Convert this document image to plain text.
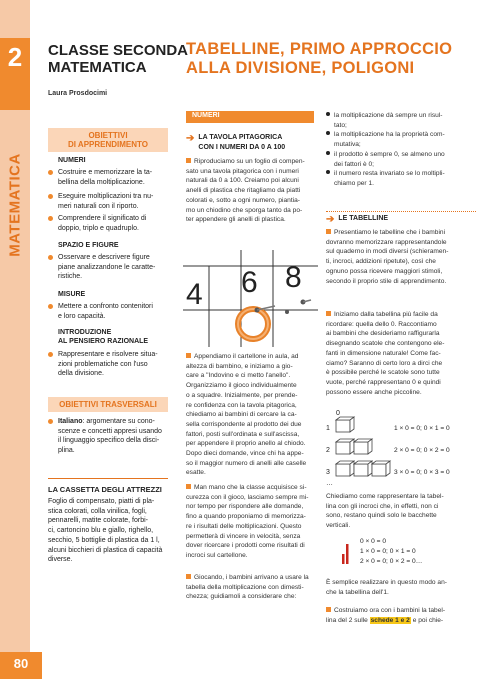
2
MATEMATICA
80
CLASSE SECONDA
MATEMATICA
Laura Prosdocimi
OBIETTIVI
DI APPRENDIMENTO
NUMERI
Costruire e memorizzare la ta-
bellina della moltiplicazione.
Eseguire moltiplicazioni tra nu-
meri naturali con il riporto.
Comprendere il significato di
doppio, triplo e quadruplo.
SPAZIO E FIGURE
Osservare e descrivere figure
piane analizzandone le caratte-
ristiche.
MISURE
Mettere a confronto contenitori
e loro capacità.
INTRODUZIONE
AL PENSIERO RAZIONALE
Rappresentare e risolvere situa-
zioni problematiche con l'uso
della divisione.
OBIETTIVI TRASVERSALI
Italiano: argomentare su cono-
scenze e concetti appresi usando
il linguaggio specifico della disci-
plina.
LA CASSETTA DEGLI ATTREZZI
Foglio di compensato, piatti di pla-
stica colorati, colla vinilica, fogli,
pennarelli, matite colorate, forbi-
ci, cartoncino blu e giallo, righello,
secchio, 5 bottiglie di plastica da 1 l,
alcuni bicchieri di plastica di capacità
diverse.
TABELLINE, PRIMO APPROCCIO
ALLA DIVISIONE, POLIGONI
NUMERI
➔ LA TAVOLA PITAGORICA
CON I NUMERI DA 0 A 100
Riproduciamo su un foglio di compen-
sato una tavola pitagorica con i numeri
naturali da 0 a 100. Creiamo poi alcuni
anelli di plastica che ritagliamo da piatti
colorati e, sotto a ogni numero, piantia-
mo un chiodino che sporga tanto da po-
ter appendere gli anelli di plastica.
4 6 8
Appendiamo il cartellone in aula, ad
altezza di bambino, e iniziamo a gio-
care a "Indovino e ci metto l'anello".
Organizziamo il gioco individualmente
o a squadre. Inizialmente, per prende-
re confidenza con la tavola pitagorica,
chiediamo ai bambini di cercare la ca-
sella corrispondente al prodotto dei due
fattori, posti sull'ordinata e sull'ascissa,
per appendere il proprio anello al chiodo.
Dopo dieci domande, vince chi ha appe-
so il maggior numero di anelli alle caselle
esatte.
Man mano che la classe acquisisce si-
curezza con il gioco, lasciamo sempre mi-
nor tempo per rispondere alle domande,
fino a quando proponiamo di memorizza-
re i risultati delle moltiplicazioni. Questo
permetterà di vincere in velocità, senza
dover ricercare i prodotti come risultati di
incroci sul cartellone.
Giocando, i bambini arrivano a usare la
tabella della moltiplicazione con dimesti-
chezza; guidiamoli a considerare che:
la moltiplicazione dà sempre un risul-
tato;
la moltiplicazione ha la proprietà com-
mutativa;
il prodotto è sempre 0, se almeno uno
dei fattori è 0;
il numero resta invariato se lo moltipli-
chiamo per 1.
➔ LE TABELLINE
Presentiamo le tabelline che i bambini
dovranno memorizzare rappresentandole
sul quaderno in modi diversi (schieramen-
ti, incroci, addizioni ripetute), così che
ognuno possa ricevere maggiori stimoli,
secondo il proprio stile di apprendimento.
Iniziamo dalla tabellina più facile da
ricordare: quella dello 0. Raccontiamo
ai bambini che desideriamo raffigurarla
disegnando scatole che contengono ele-
fanti in dimensione naturale! Come fac-
ciamo? Saranno di certo loro a dirci che
è possibile perché le scatole sono tutte
vuote, perché rappresentano 0 e quindi
possono essere anche piccoline.
0
1
2
3
1 × 0 = 0; 0 × 1 = 0
2 × 0 = 0; 0 × 2 = 0
3 × 0 = 0; 0 × 3 = 0
…
Chiediamo come rappresentare la tabel-
lina con gli incroci che, in effetti, non ci
sono, restano quindi solo le bacchette
verticali.
0 × 0 = 0
1 × 0 = 0; 0 × 1 = 0
2 × 0 = 0; 0 × 2 = 0…
È semplice realizzare in questo modo an-
che la tabellina dell'1.
Costruiamo ora con i bambini la tabel-
lina del 2 sulle schede 1 e 2 e poi chie-
